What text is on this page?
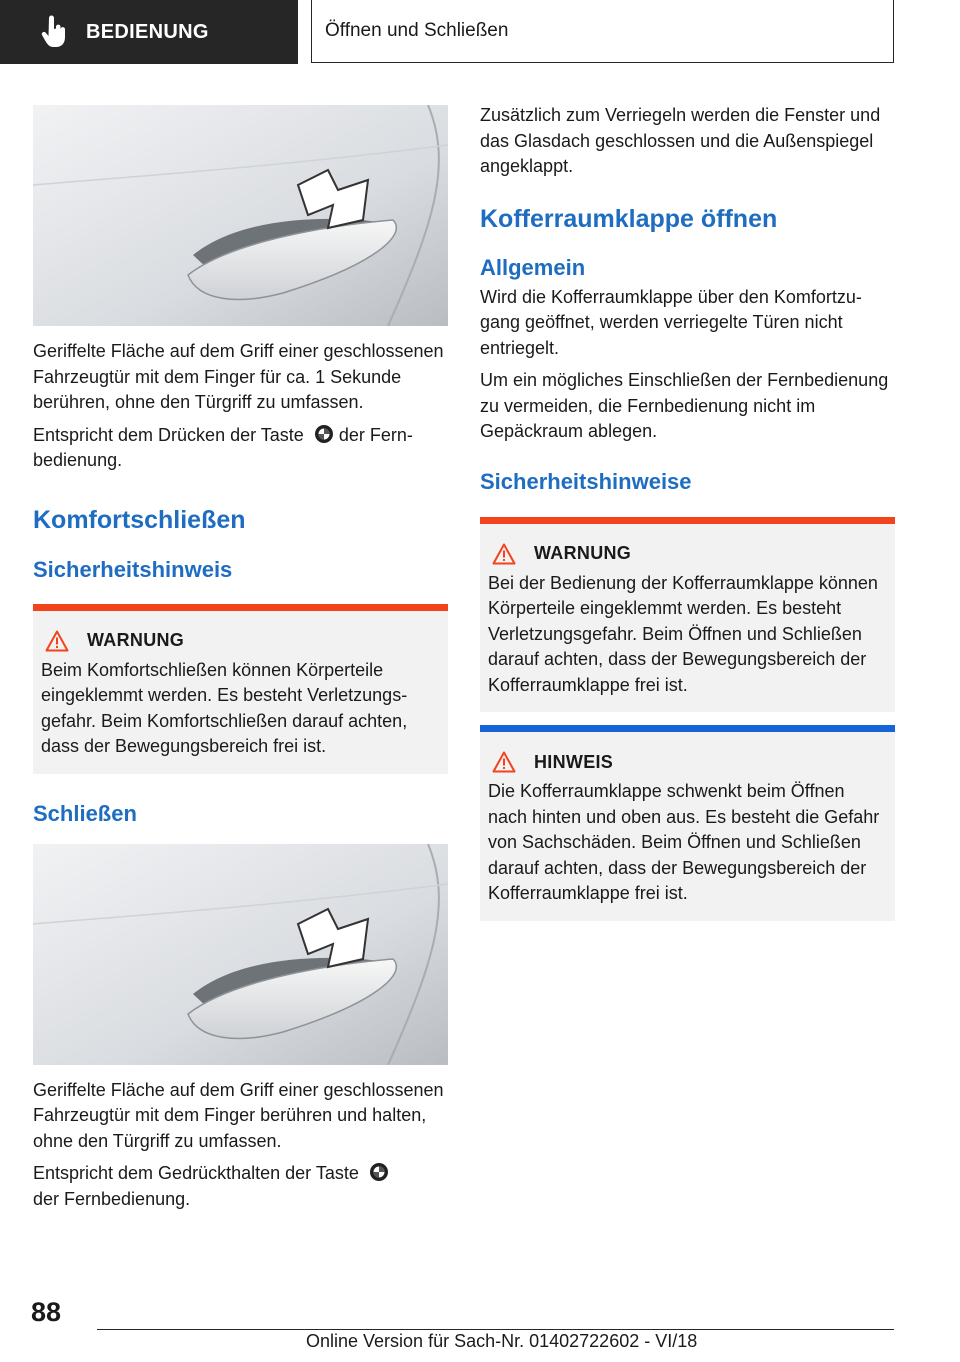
BEDIENUNG	Öffnen und Schließen

Geriffelte Fläche auf dem Griff einer geschlossenen Fahrzeugtür mit dem Finger für ca. 1 Sekunde berühren, ohne den Türgriff zu umfassen.

Entspricht dem Drücken der Taste   der Fernbedienung.

Komfortschließen
Sicherheitshinweis
WARNUNG

Beim Komfortschließen können Körperteile eingeklemmt werden. Es besteht Verletzungsgefahr. Beim Komfortschließen darauf achten, dass der Bewegungsbereich frei ist.

Schließen

Geriffelte Fläche auf dem Griff einer geschlossenen Fahrzeugtür mit dem Finger berühren und halten, ohne den Türgriff zu umfassen.

Entspricht dem Gedrückthalten der Taste
der Fernbedienung.

Zusätzlich zum Verriegeln werden die Fenster und das Glasdach geschlossen und die Außenspiegel angeklappt.

Kofferraumklappe öffnen
Allgemein

Wird die Kofferraumklappe über den Komfortzugang geöffnet, werden verriegelte Türen nicht entriegelt.

Um ein mögliches Einschließen der Fernbedienung zu vermeiden, die Fernbedienung nicht im Gepäckraum ablegen.

Sicherheitshinweise
WARNUNG

Bei der Bedienung der Kofferraumklappe können Körperteile eingeklemmt werden. Es besteht Verletzungsgefahr. Beim Öffnen und Schließen darauf achten, dass der Bewegungsbereich der Kofferraumklappe frei ist.

HINWEIS

Die Kofferraumklappe schwenkt beim Öffnen nach hinten und oben aus. Es besteht die Gefahr von Sachschäden. Beim Öffnen und Schließen darauf achten, dass der Bewegungsbereich der Kofferraumklappe frei ist.

88
Online Version für Sach-Nr. 01402722602 - VI/18
